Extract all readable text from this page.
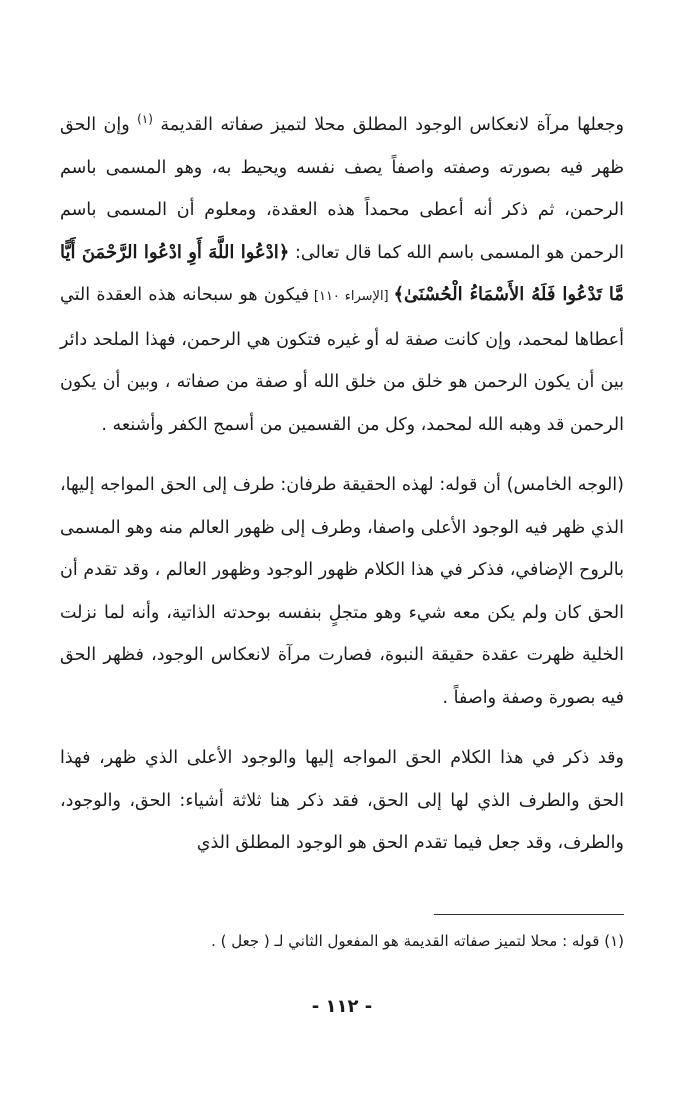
وجعلها مرآة لانعكاس الوجود المطلق محلا لتميز صفاته القديمة $^{(١)}$ وإن الحق ظهر فيه بصورته وصفته واصفاً يصف نفسه ويحيط به، وهو المسمى باسم الرحمن، ثم ذكر أنه أعطى محمداً هذه العقدة، ومعلوم أن المسمى باسم الرحمن هو المسمى باسم الله كما قال تعالى: ﴿ادْعُوا اللَّهَ أَوِ ادْعُوا الرَّحْمَنَ أَيًّا مَّا تَدْعُوا فَلَهُ الأَسْمَاءُ الْحُسْنَىٰ﴾ [الإسراء ١١٠] فيكون هو سبحانه هذه العقدة التي أعطاها لمحمد، وإن كانت صفة له أو غيره فتكون هي الرحمن، فهذا الملحد دائر بين أن يكون الرحمن هو خلق من خلق الله أو صفة من صفاته ، وبين أن يكون الرحمن قد وهبه الله لمحمد، وكل من القسمين من أسمج الكفر وأشنعه .

(الوجه الخامس) أن قوله: لهذه الحقيقة طرفان: طرف إلى الحق المواجه إليها، الذي ظهر فيه الوجود الأعلى واصفا، وطرف إلى ظهور العالم منه وهو المسمى بالروح الإضافي، فذكر في هذا الكلام ظهور الوجود وظهور العالم ، وقد تقدم أن الحق كان ولم يكن معه شيء وهو متجلٍ بنفسه بوحدته الذاتية، وأنه لما نزلت الخلية ظهرت عقدة حقيقة النبوة، فصارت مرآة لانعكاس الوجود، فظهر الحق فيه بصورة وصفة واصفاً .

وقد ذكر في هذا الكلام الحق المواجه إليها والوجود الأعلى الذي ظهر، فهذا الحق والطرف الذي لها إلى الحق، فقد ذكر هنا ثلاثة أشياء: الحق، والوجود، والطرف، وقد جعل فيما تقدم الحق هو الوجود المطلق الذي

(١) قوله : محلا لتميز صفاته القديمة هو المفعول الثاني لـ ( جعل ) .
- ١١٢ -
